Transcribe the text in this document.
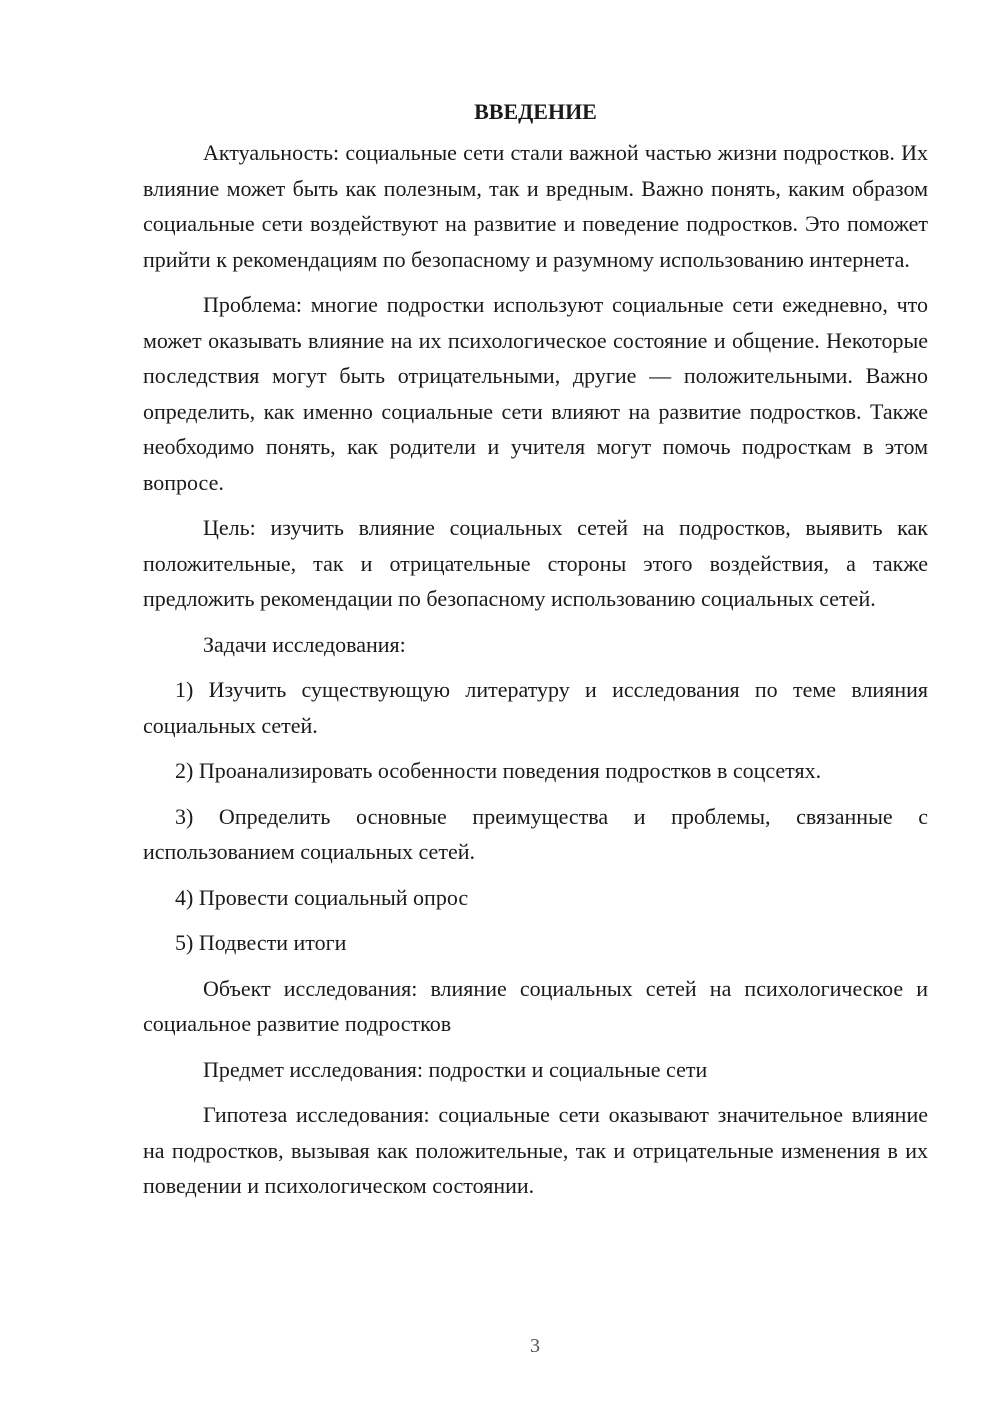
ВВЕДЕНИЕ
Актуальность: социальные сети стали важной частью жизни подростков. Их влияние может быть как полезным, так и вредным. Важно понять, каким образом социальные сети воздействуют на развитие и поведение подростков. Это поможет прийти к рекомендациям по безопасному и разумному использованию интернета.
Проблема: многие подростки используют социальные сети ежедневно, что может оказывать влияние на их психологическое состояние и общение. Некоторые последствия могут быть отрицательными, другие — положительными. Важно определить, как именно социальные сети влияют на развитие подростков. Также необходимо понять, как родители и учителя могут помочь подросткам в этом вопросе.
Цель: изучить влияние социальных сетей на подростков, выявить как положительные, так и отрицательные стороны этого воздействия, а также предложить рекомендации по безопасному использованию социальных сетей.
Задачи исследования:
1) Изучить существующую литературу и исследования по теме влияния социальных сетей.
2) Проанализировать особенности поведения подростков в соцсетях.
3) Определить основные преимущества и проблемы, связанные с использованием социальных сетей.
4) Провести социальный опрос
5) Подвести итоги
Объект исследования: влияние социальных сетей на психологическое и социальное развитие подростков
Предмет исследования: подростки и социальные сети
Гипотеза исследования: социальные сети оказывают значительное влияние на подростков, вызывая как положительные, так и отрицательные изменения в их поведении и психологическом состоянии.
3
